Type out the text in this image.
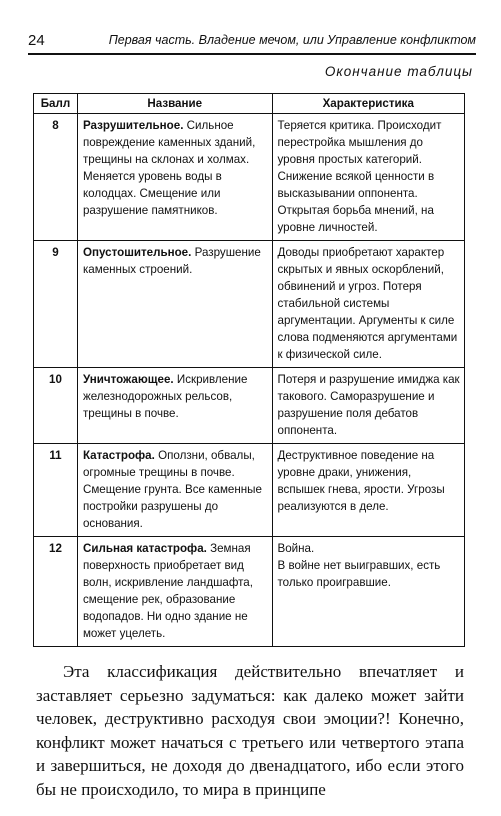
24	Первая часть. Владение мечом, или Управление конфликтом
Окончание таблицы
Балл	Название	Характеристика
8	Разрушительное. Сильное повреждение каменных зданий, трещины на склонах и холмах. Меняется уровень воды в колодцах. Смещение или разрушение памятников.	Теряется критика. Происходит перестройка мышления до уровня простых категорий. Снижение всякой ценности в высказывании оппонента. Открытая борьба мнений, на уровне личностей.
9	Опустошительное. Разрушение каменных строений.	Доводы приобретают характер скрытых и явных оскорблений, обвинений и угроз. Потеря стабильной системы аргументации. Аргументы к силе слова подменяются аргументами к физической силе.
10	Уничтожающее. Искривление железнодорожных рельсов, трещины в почве.	Потеря и разрушение имиджа как такового. Саморазрушение и разрушение поля дебатов оппонента.
11	Катастрофа. Оползни, обвалы, огромные трещины в почве. Смещение грунта. Все каменные постройки разрушены до основания.	Деструктивное поведение на уровне драки, унижения, вспышек гнева, ярости. Угрозы реализуются в деле.
12	Сильная катастрофа. Земная поверхность приобретает вид волн, искривление ландшафта, смещение рек, образование водопадов. Ни одно здание не может уцелеть.	Война.
В войне нет выигравших, есть только проигравшие.

Эта классификация действительно впечатляет и заставляет серьезно задуматься: как далеко может зайти человек, деструктивно расходуя свои эмоции?! Конечно, конфликт может начаться с третьего или четвертого этапа и завершиться, не доходя до двенадцатого, ибо если этого бы не происходило, то мира в принципе
